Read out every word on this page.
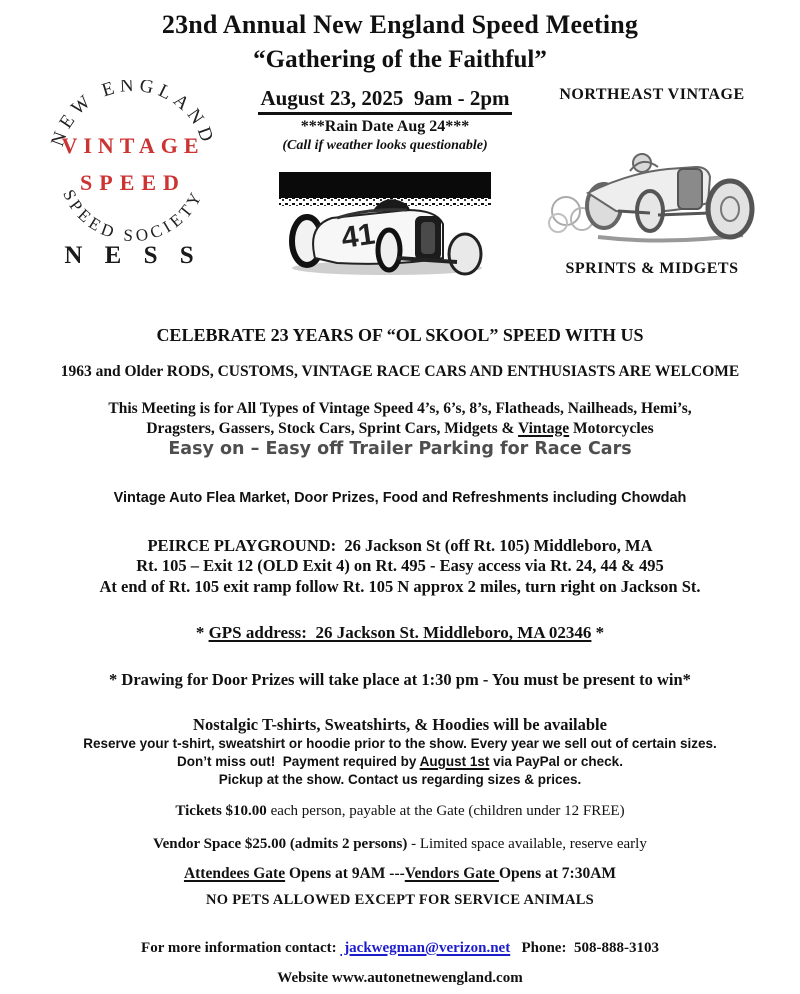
23nd Annual New England Speed Meeting
“Gathering of the Faithful”
NEW ENGLAND
SPEED SOCIETY
VINTAGE
SPEED
N E S S
August 23, 2025  9am - 2pm
***Rain Date Aug 24***
(Call if weather looks questionable)
41
NORTHEAST VINTAGE
SPRINTS & MIDGETS
CELEBRATE 23 YEARS OF “OL SKOOL” SPEED WITH US
1963 and Older RODS, CUSTOMS, VINTAGE RACE CARS AND ENTHUSIASTS ARE WELCOME
This Meeting is for All Types of Vintage Speed 4’s, 6’s, 8’s, Flatheads, Nailheads, Hemi’s,
Dragsters, Gassers, Stock Cars, Sprint Cars, Midgets & Vintage Motorcycles
Easy on – Easy off Trailer Parking for Race Cars
Vintage Auto Flea Market, Door Prizes, Food and Refreshments including Chowdah
PEIRCE PLAYGROUND:  26 Jackson St (off Rt. 105) Middleboro, MA
Rt. 105 – Exit 12 (OLD Exit 4) on Rt. 495 - Easy access via Rt. 24, 44 & 495
At end of Rt. 105 exit ramp follow Rt. 105 N approx 2 miles, turn right on Jackson St.
* GPS address:  26 Jackson St. Middleboro, MA 02346 *
* Drawing for Door Prizes will take place at 1:30 pm - You must be present to win*
Nostalgic T-shirts, Sweatshirts, & Hoodies will be available
Reserve your t-shirt, sweatshirt or hoodie prior to the show. Every year we sell out of certain sizes.
Don’t miss out!  Payment required by August 1st via PayPal or check.
Pickup at the show. Contact us regarding sizes & prices.
Tickets $10.00 each person, payable at the Gate (children under 12 FREE)
Vendor Space $25.00 (admits 2 persons) - Limited space available, reserve early
Attendees Gate Opens at 9AM ---Vendors Gate Opens at 7:30AM
NO PETS ALLOWED EXCEPT FOR SERVICE ANIMALS
For more information contact:  jackwegman@verizon.net   Phone:  508-888-3103
Website www.autonetnewengland.com
